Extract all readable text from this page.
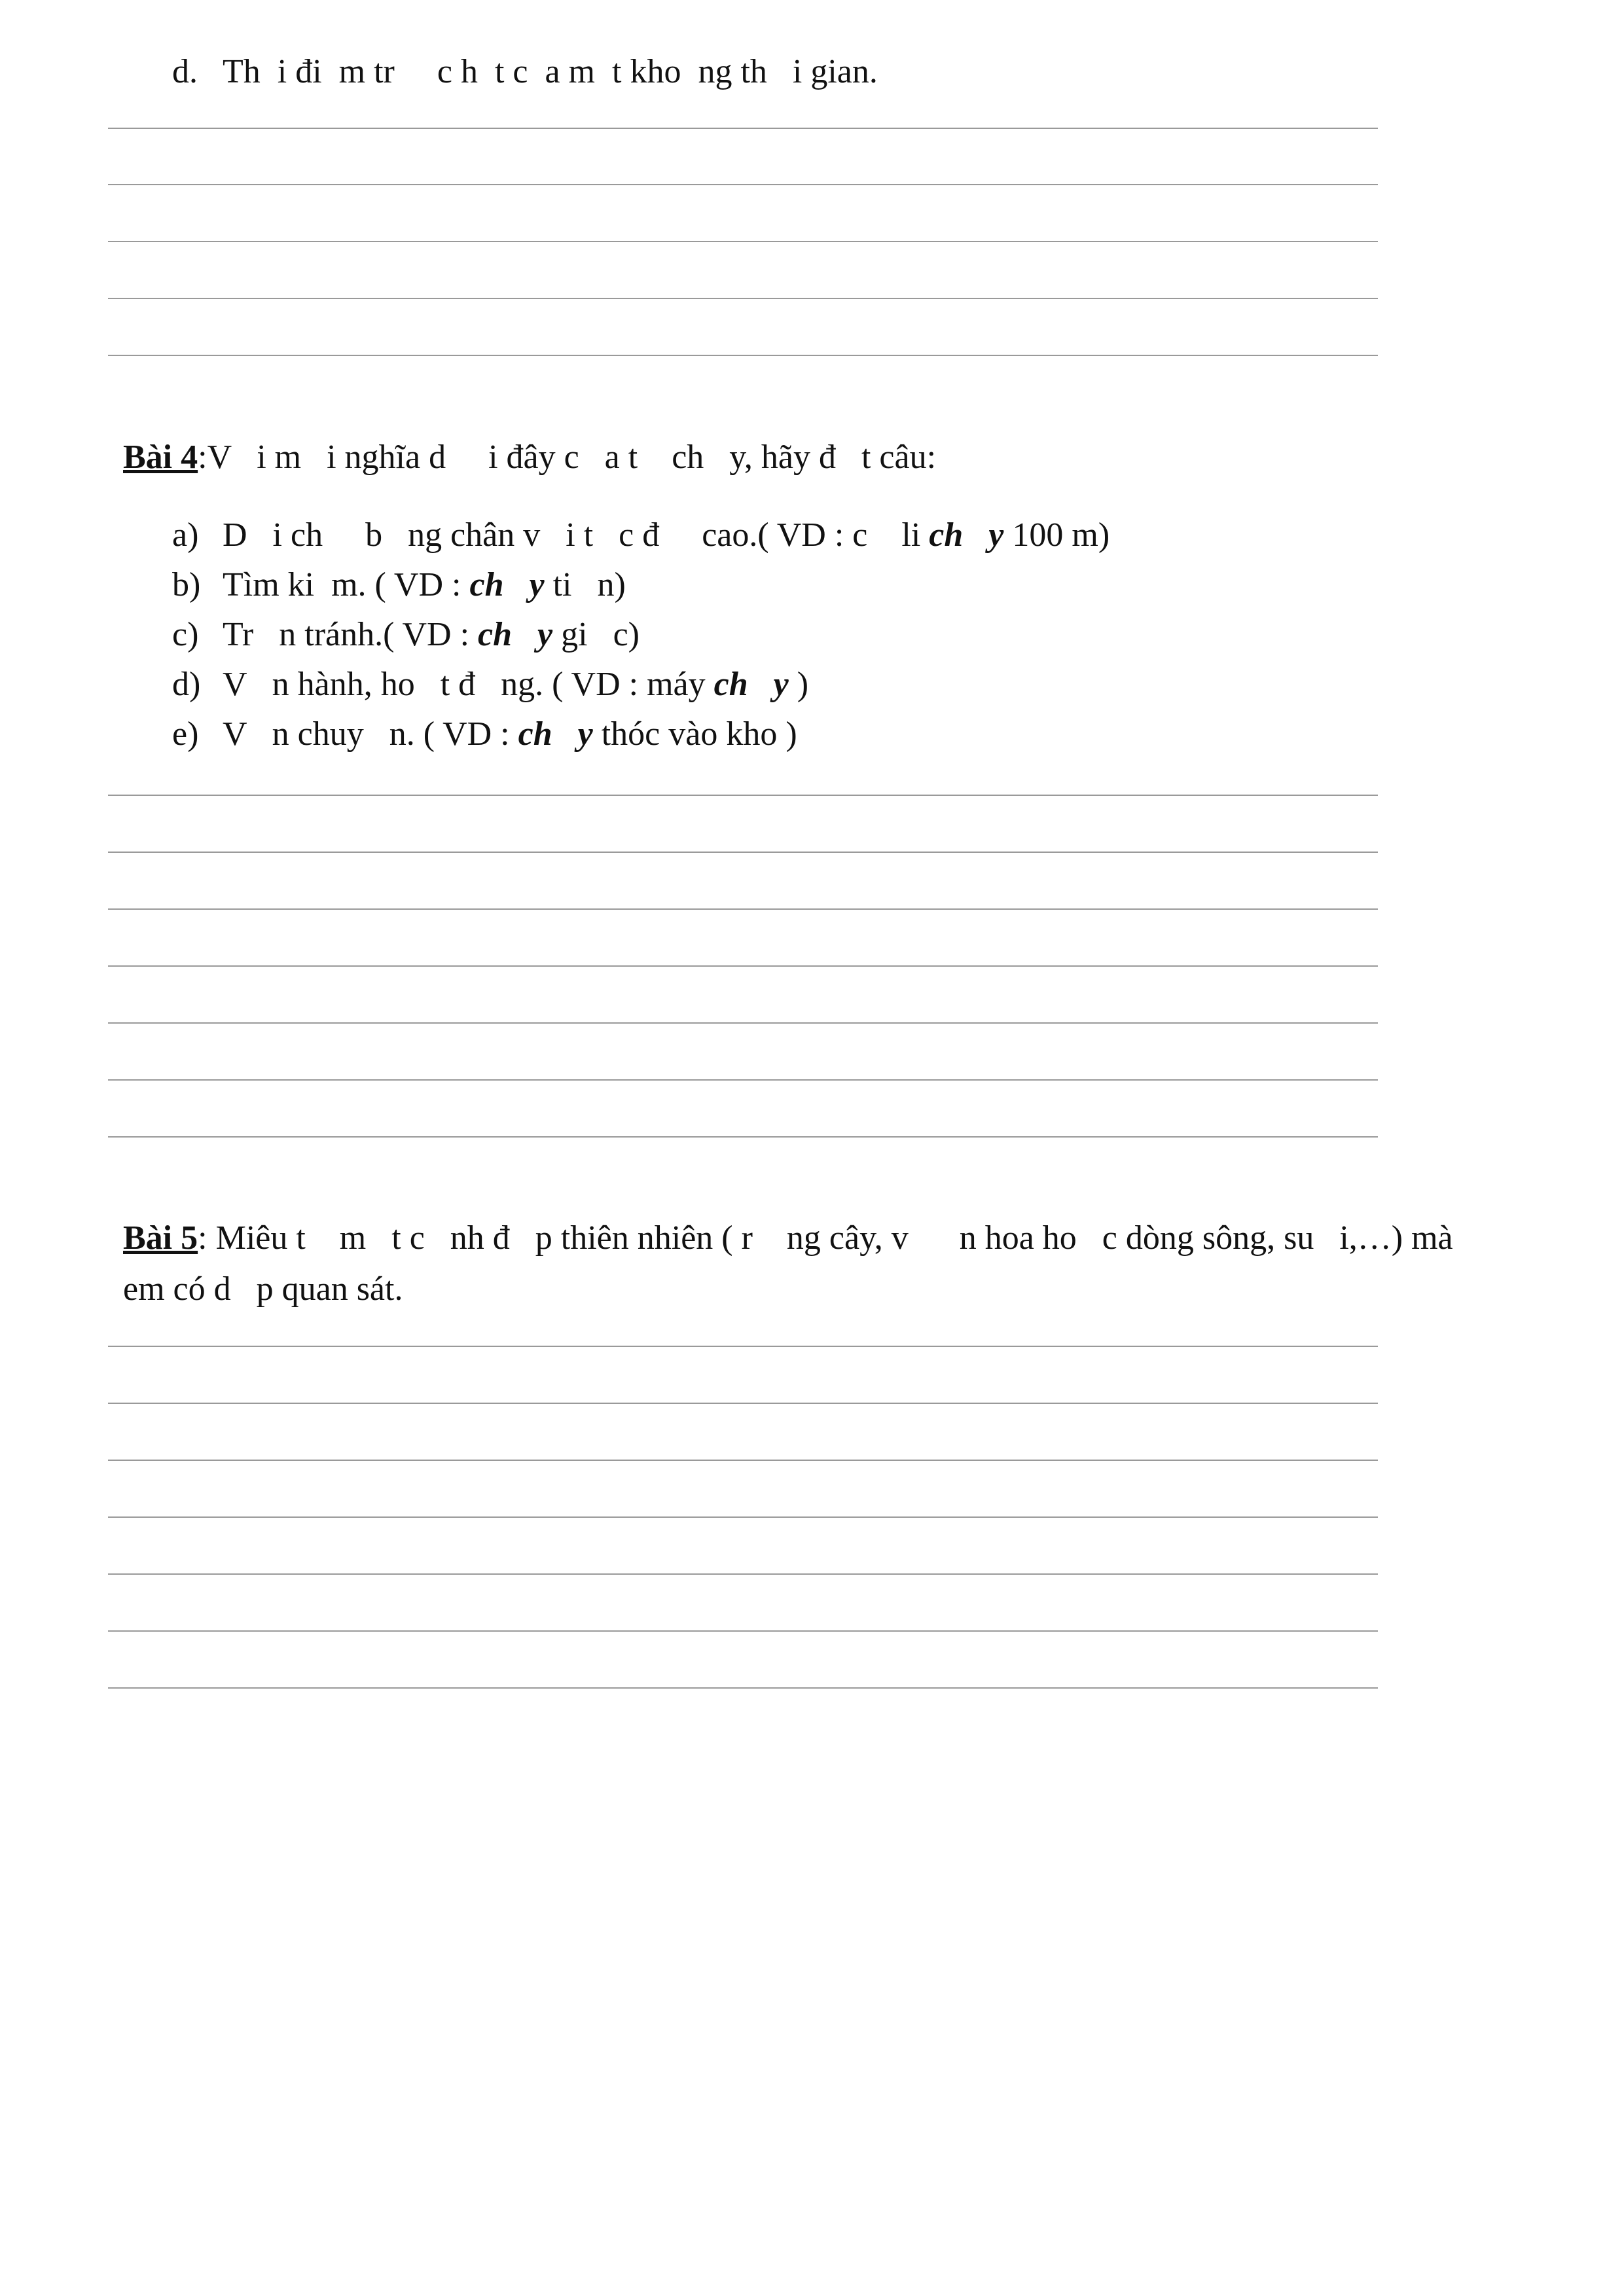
d. Th  i đi  m tr     c h  t c  a m  t kho  ng th   i gian.
Bài 4:V   i m   i nghĩa d     i đây c   a t    ch   y, hãy đ   t câu:
a) D   i ch     b   ng chân v   i t   c đ     cao.( VD : c    li ch   y 100 m)
b) Tìm ki  m. ( VD : ch   y ti   n)
c) Tr   n tránh.( VD : ch   y gi   c)
d) V   n hành, ho   t đ   ng. ( VD : máy ch   y )
e) V   n chuy   n. ( VD : ch   y thóc vào kho )
Bài 5: Miêu t    m   t c   nh đ   p thiên nhiên ( r    ng cây, v      n hoa ho   c dòng sông, su   i,…) mà
em có d   p quan sát.
